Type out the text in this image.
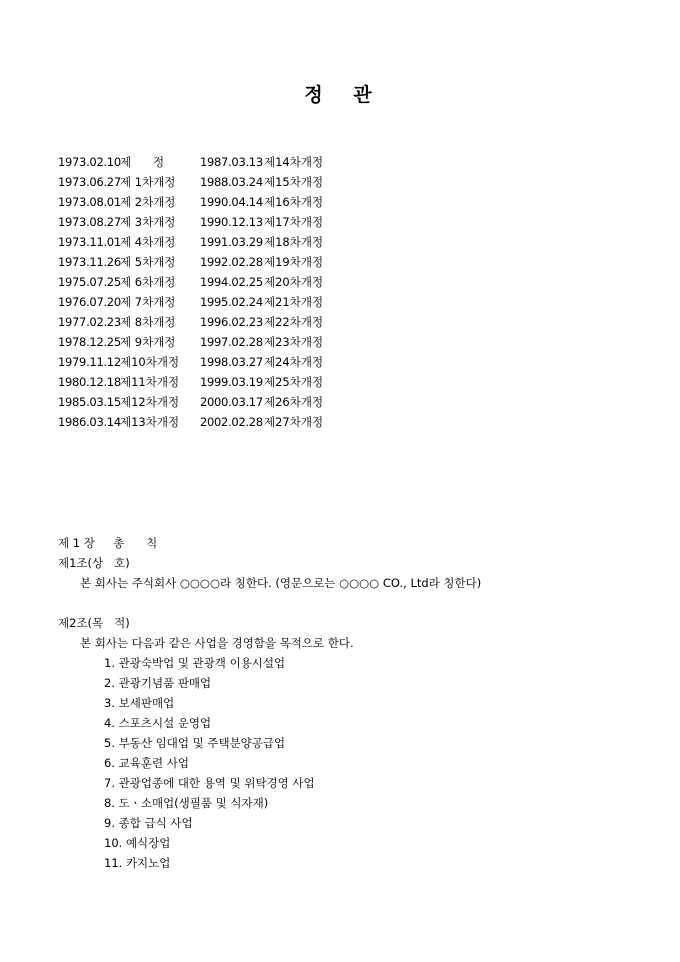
정 관
1973.02.10 제      정	1987.03.13 제14차개정
1973.06.27 제 1차개정	1988.03.24 제15차개정
1973.08.01 제 2차개정	1990.04.14 제16차개정
1973.08.27 제 3차개정	1990.12.13 제17차개정
1973.11.01 제 4차개정	1991.03.29 제18차개정
1973.11.26 제 5차개정	1992.02.28 제19차개정
1975.07.25 제 6차개정	1994.02.25 제20차개정
1976.07.20 제 7차개정	1995.02.24 제21차개정
1977.02.23 제 8차개정	1996.02.23 제22차개정
1978.12.25 제 9차개정	1997.02.28 제23차개정
1979.11.12 제10차개정	1998.03.27 제24차개정
1980.12.18 제11차개정	1999.03.19 제25차개정
1985.03.15 제12차개정	2000.03.17 제26차개정
1986.03.14 제13차개정	2002.02.28 제27차개정
제 1 장     총      칙
제1조(상   호)
본 회사는 주식회사 ○○○○라 칭한다. (영문으로는 ○○○○ CO., Ltd라 칭한다)
제2조(목   적)
본 회사는 다음과 같은 사업을 경영함을 목적으로 한다.
1. 관광숙박업 및 관광객 이용시설업
2. 관광기념품 판매업
3. 보세판매업
4. 스포츠시설 운영업
5. 부동산 임대업 및 주택분양공급업
6. 교육훈련 사업
7. 관광업종에 대한 용역 및 위탁경영 사업
8. 도ㆍ소매업(생필품 및 식자재)
9. 종합 급식 사업
10. 예식장업
11. 카지노업
